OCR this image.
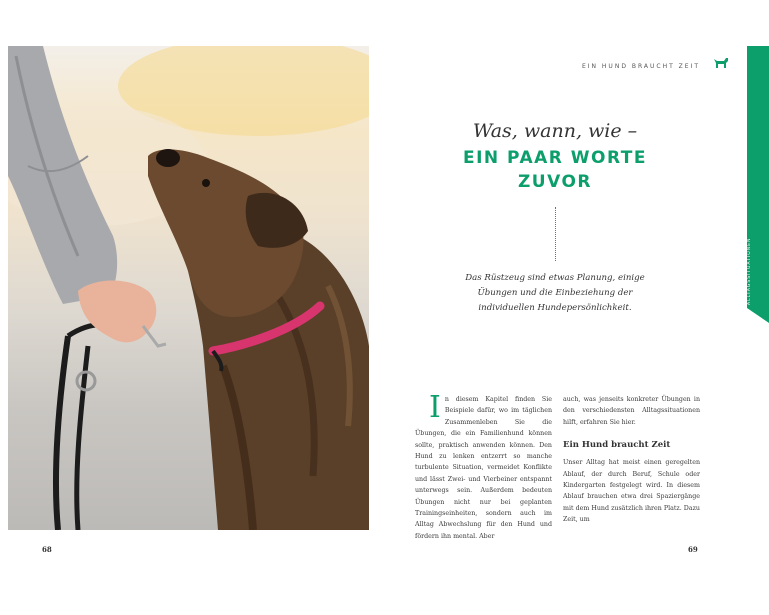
68
EIN HUND BRAUCHT ZEIT
ALLTAGSSITUATIONEN
Was, wann, wie –
EIN PAAR WORTE
ZUVOR
Das Rüstzeug sind etwas Planung, einige Übungen und die Einbeziehung der individuellen Hundepersönlichkeit.
I n diesem Kapitel finden Sie Beispiele dafür, wo im täglichen Zusammenleben Sie die Übungen, die ein Familienhund können sollte, praktisch anwenden können. Den Hund zu lenken entzerrt so manche turbulente Situation, vermeidet Konflikte und lässt Zwei- und Vierbeiner entspannt unterwegs sein. Außerdem bedeuten Übungen nicht nur bei geplanten Trainingseinheiten, sondern auch im Alltag Abwechslung für den Hund und fördern ihn mental. Aber

auch, was jenseits konkreter Übungen in den verschiedensten Alltagssituationen hilft, erfahren Sie hier.

Ein Hund braucht Zeit

Unser Alltag hat meist einen geregelten Ablauf, der durch Beruf, Schule oder Kindergarten festgelegt wird. In diesem Ablauf brauchen etwa drei Spaziergänge mit dem Hund zusätzlich ihren Platz. Dazu Zeit, um

69
